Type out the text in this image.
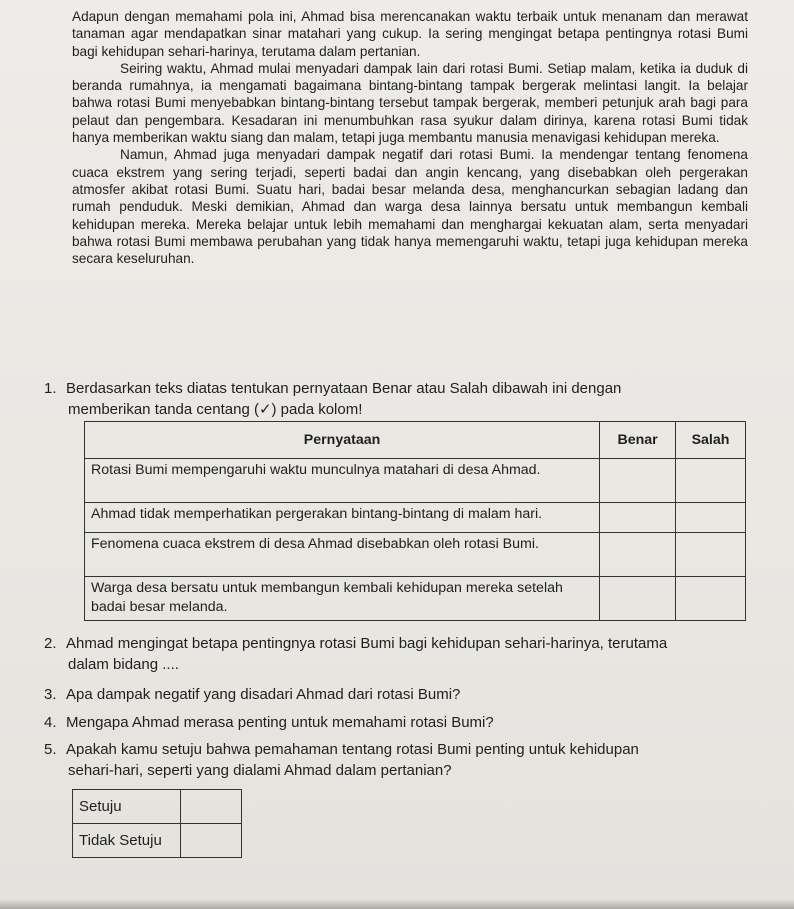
Adapun dengan memahami pola ini, Ahmad bisa merencanakan waktu terbaik untuk menanam dan merawat tanaman agar mendapatkan sinar matahari yang cukup. Ia sering mengingat betapa pentingnya rotasi Bumi bagi kehidupan sehari-harinya, terutama dalam pertanian.

Seiring waktu, Ahmad mulai menyadari dampak lain dari rotasi Bumi. Setiap malam, ketika ia duduk di beranda rumahnya, ia mengamati bagaimana bintang-bintang tampak bergerak melintasi langit. Ia belajar bahwa rotasi Bumi menyebabkan bintang-bintang tersebut tampak bergerak, memberi petunjuk arah bagi para pelaut dan pengembara. Kesadaran ini menumbuhkan rasa syukur dalam dirinya, karena rotasi Bumi tidak hanya memberikan waktu siang dan malam, tetapi juga membantu manusia menavigasi kehidupan mereka.

Namun, Ahmad juga menyadari dampak negatif dari rotasi Bumi. Ia mendengar tentang fenomena cuaca ekstrem yang sering terjadi, seperti badai dan angin kencang, yang disebabkan oleh pergerakan atmosfer akibat rotasi Bumi. Suatu hari, badai besar melanda desa, menghancurkan sebagian ladang dan rumah penduduk. Meski demikian, Ahmad dan warga desa lainnya bersatu untuk membangun kembali kehidupan mereka. Mereka belajar untuk lebih memahami dan menghargai kekuatan alam, serta menyadari bahwa rotasi Bumi membawa perubahan yang tidak hanya memengaruhi waktu, tetapi juga kehidupan mereka secara keseluruhan.

1. Berdasarkan teks diatas tentukan pernyataan Benar atau Salah dibawah ini dengan
memberikan tanda centang (✓) pada kolom!
Pernyataan	Benar	Salah
Rotasi Bumi mempengaruhi waktu munculnya matahari di desa Ahmad.		
Ahmad tidak memperhatikan pergerakan bintang-bintang di malam hari.		
Fenomena cuaca ekstrem di desa Ahmad disebabkan oleh rotasi Bumi.		
Warga desa bersatu untuk membangun kembali kehidupan mereka setelah badai besar melanda.		
2. Ahmad mengingat betapa pentingnya rotasi Bumi bagi kehidupan sehari-harinya, terutama
dalam bidang ....
3. Apa dampak negatif yang disadari Ahmad dari rotasi Bumi?
4. Mengapa Ahmad merasa penting untuk memahami rotasi Bumi?
5. Apakah kamu setuju bahwa pemahaman tentang rotasi Bumi penting untuk kehidupan
sehari-hari, seperti yang dialami Ahmad dalam pertanian?
Setuju	
Tidak Setuju	
